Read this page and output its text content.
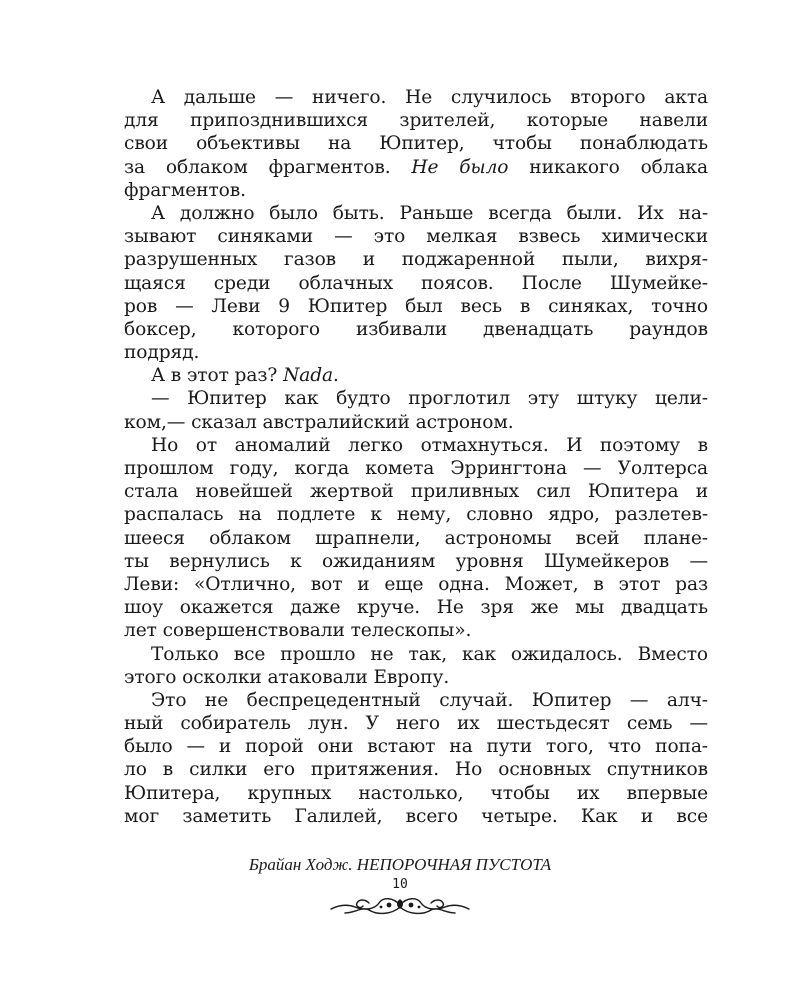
А дальше — ничего. Не случилось второго акта
для припозднившихся зрителей, которые навели
свои объективы на Юпитер, чтобы понаблюдать
за облаком фрагментов. Не было никакого облака
фрагментов.
А должно было быть. Раньше всегда были. Их на-
зывают синяками — это мелкая взвесь химически
разрушенных газов и поджаренной пыли, вихря-
щаяся среди облачных поясов. После Шумейке-
ров — Леви 9 Юпитер был весь в синяках, точно
боксер, которого избивали двенадцать раундов
подряд.
А в этот раз? Nada.
— Юпитер как будто проглотил эту штуку цели-
ком,— сказал австралийский астроном.
Но от аномалий легко отмахнуться. И поэтому в
прошлом году, когда комета Эррингтона — Уолтерса
стала новейшей жертвой приливных сил Юпитера и
распалась на подлете к нему, словно ядро, разлетев-
шееся облаком шрапнели, астрономы всей плане-
ты вернулись к ожиданиям уровня Шумейкеров —
Леви: «Отлично, вот и еще одна. Может, в этот раз
шоу окажется даже круче. Не зря же мы двадцать
лет совершенствовали телескопы».
Только все прошло не так, как ожидалось. Вместо
этого осколки атаковали Европу.
Это не беспрецедентный случай. Юпитер — алч-
ный собиратель лун. У него их шестьдесят семь —
было — и порой они встают на пути того, что попа-
ло в силки его притяжения. Но основных спутников
Юпитера, крупных настолько, чтобы их впервые
мог заметить Галилей, всего четыре. Как и все
Брайан Ходж. НЕПОРОЧНАЯ ПУСТОТА
10
